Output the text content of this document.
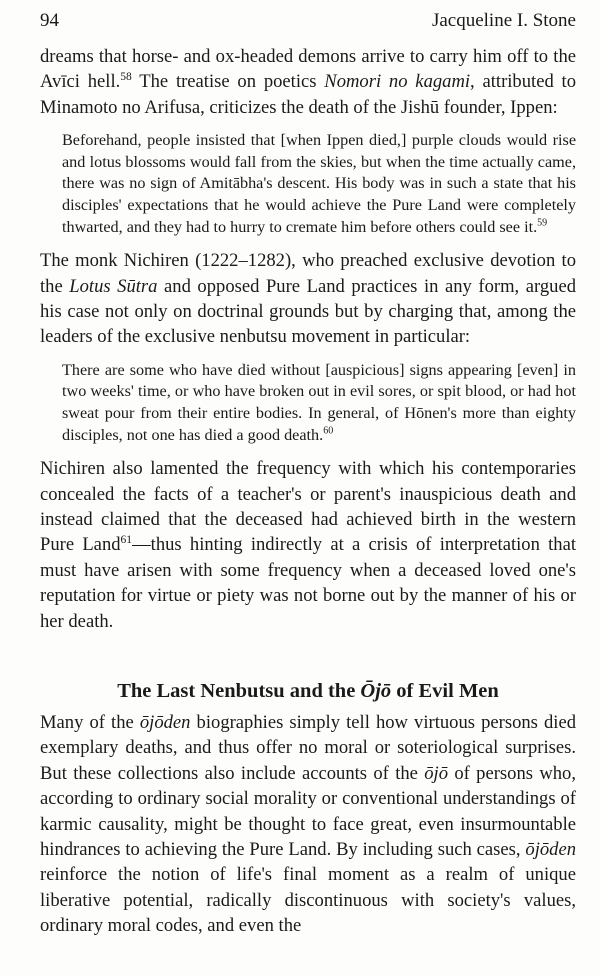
94	Jacqueline I. Stone

dreams that horse- and ox-headed demons arrive to carry him off to the Avīci hell.$^{58}$ The treatise on poetics Nomori no kagami, attributed to Minamoto no Arifusa, criticizes the death of the Jishū founder, Ippen:

Beforehand, people insisted that [when Ippen died,] purple clouds would rise and lotus blossoms would fall from the skies, but when the time actually came, there was no sign of Amitābha's descent. His body was in such a state that his disciples' expectations that he would achieve the Pure Land were completely thwarted, and they had to hurry to cremate him before others could see it.$^{59}$

The monk Nichiren (1222–1282), who preached exclusive devotion to the Lotus Sūtra and opposed Pure Land practices in any form, argued his case not only on doctrinal grounds but by charging that, among the leaders of the exclusive nenbutsu movement in particular:

There are some who have died without [auspicious] signs appearing [even] in two weeks' time, or who have broken out in evil sores, or spit blood, or had hot sweat pour from their entire bodies. In general, of Hōnen's more than eighty disciples, not one has died a good death.$^{60}$

Nichiren also lamented the frequency with which his contemporaries concealed the facts of a teacher's or parent's inauspicious death and instead claimed that the deceased had achieved birth in the western Pure Land$^{61}$—thus hinting indirectly at a crisis of interpretation that must have arisen with some frequency when a deceased loved one's reputation for virtue or piety was not borne out by the manner of his or her death.

The Last Nenbutsu and the Ōjō of Evil Men

Many of the ōjōden biographies simply tell how virtuous persons died exemplary deaths, and thus offer no moral or soteriological surprises. But these collections also include accounts of the ōjō of persons who, according to ordinary social morality or conventional understandings of karmic causality, might be thought to face great, even insurmountable hindrances to achieving the Pure Land. By including such cases, ōjōden reinforce the notion of life's final moment as a realm of unique liberative potential, radically discontinuous with society's values, ordinary moral codes, and even the
